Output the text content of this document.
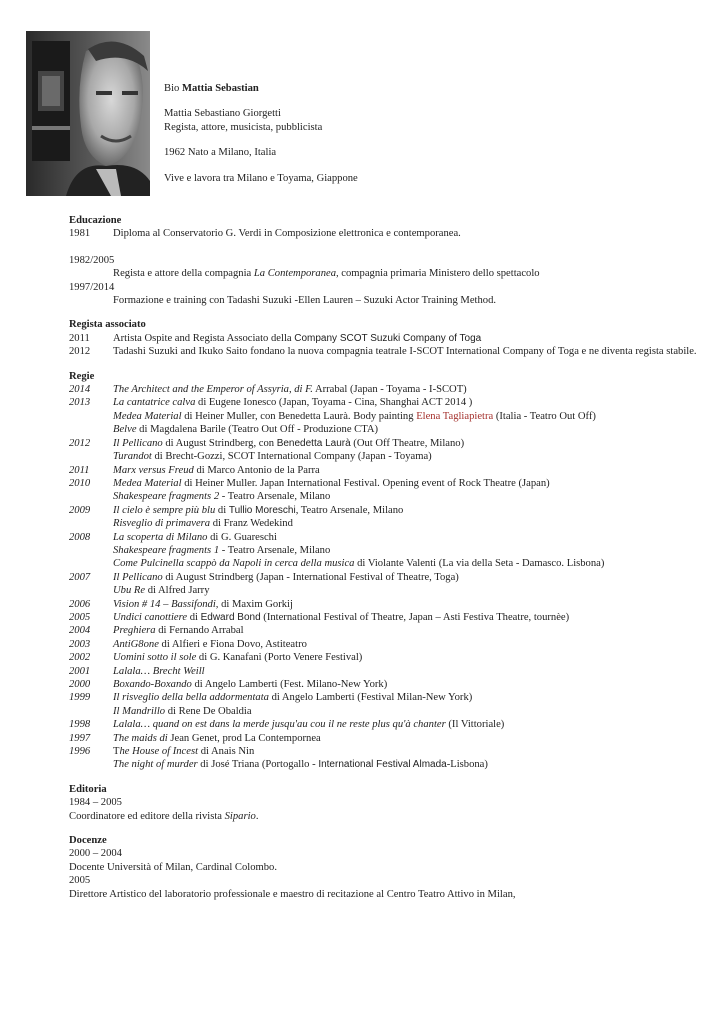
Bio Mattia Sebastian

Mattia Sebastiano Giorgetti
Regista, attore, musicista, pubblicista

1962 Nato a Milano, Italia

Vive e lavora tra Milano e Toyama, Giappone

Educazione
1981	Diploma al Conservatorio G. Verdi in Composizione elettronica e contemporanea.
1982/2005
Regista e attore della compagnia La Contemporanea, compagnia primaria Ministero dello spettacolo
1997/2014
Formazione e training con Tadashi Suzuki -Ellen Lauren – Suzuki Actor Training Method.
Regista associato
2011	Artista Ospite and Regista Associato della Company SCOT Suzuki Company of Toga
2012	Tadashi Suzuki and Ikuko Saito fondano la nuova compagnia teatrale I-SCOT International Company of Toga e ne diventa regista stabile.
Regie
2014	The Architect and the Emperor of Assyria, di F. Arrabal (Japan - Toyama - I-SCOT)
2013	La cantatrice calva di Eugene Ionesco (Japan, Toyama - Cina, Shanghai ACT 2014 )
Medea Material di Heiner Muller, con Benedetta Laurà. Body painting Elena Tagliapietra (Italia - Teatro Out Off)
Belve di Magdalena Barile (Teatro Out Off - Produzione CTA)
2012	Il Pellicano di August Strindberg, con Benedetta Laurà (Out Off Theatre, Milano)
Turandot di Brecht-Gozzi, SCOT International Company (Japan - Toyama)
2011	Marx versus Freud di Marco Antonio de la Parra
2010	Medea Material di Heiner Muller. Japan International Festival. Opening event of Rock Theatre (Japan)
Shakespeare fragments 2 - Teatro Arsenale, Milano
2009	Il cielo è sempre più blu di Tullio Moreschi, Teatro Arsenale, Milano
Risveglio di primavera di Franz Wedekind
2008	La scoperta di Milano di G. Guareschi
Shakespeare fragments 1 - Teatro Arsenale, Milano
Come Pulcinella scappò da Napoli in cerca della musica di Violante Valenti (La via della Seta - Damasco. Lisbona)
2007	Il Pellicano di August Strindberg (Japan - International Festival of Theatre, Toga)
Ubu Re di Alfred Jarry
2006	Vision # 14 – Bassifondi, di Maxim Gorkij
2005	Undici canottiere di Edward Bond (International Festival of Theatre, Japan – Asti Festiva Theatre, tournèe)
2004	Preghiera di Fernando Arrabal
2003	AntiG8one di Alfieri e Fiona Dovo, Astiteatro
2002	Uomini sotto il sole di G. Kanafani (Porto Venere Festival)
2001	Lalala… Brecht Weill
2000	Boxando-Boxando di Angelo Lamberti (Fest. Milano-New York)
1999	Il risveglio della bella addormentata di Angelo Lamberti (Festival Milan-New York)
Il Mandrillo di Rene De Obaldia
1998	Lalala… quand on est dans la merde jusqu'au cou il ne reste plus qu'à chanter (Il Vittoriale)
1997	The maids di Jean Genet, prod La Contempornea
1996	The House of Incest di Anais Nin
The night of murder di José Triana (Portogallo - International Festival Almada-Lisbona)
Editoria
1984 – 2005
Coordinatore ed editore della rivista Sipario.
Docenze
2000 – 2004
Docente Università of Milan, Cardinal Colombo.
2005
Direttore Artistico del laboratorio professionale e maestro di recitazione al Centro Teatro Attivo in Milan,
